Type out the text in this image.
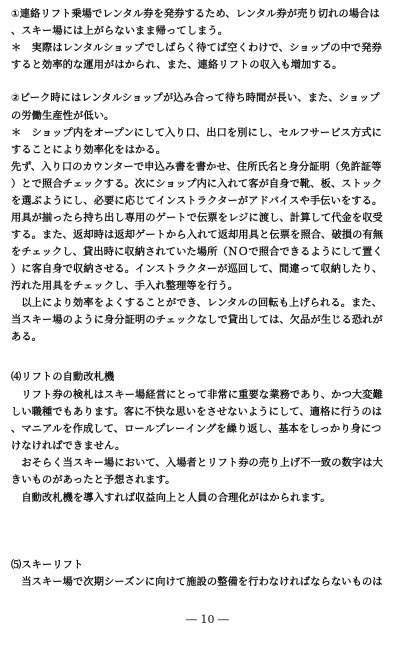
①連絡リフト乗場でレンタル券を発券するため、レンタル券が売り切れの場合は
、スキー場には上がらないまま帰ってしまう。
＊　実際はレンタルショップでしばらく待てば空くわけで、ショップの中で発券
すると効率的な運用がはかられ、また、連絡リフトの収入も増加する。
②ピーク時にはレンタルショップが込み合って待ち時間が長い、また、ショップ
の労働生産性が低い。
＊　ショップ内をオープンにして入り口、出口を別にし、セルフサービス方式に
することにより効率化をはかる。
先ず、入り口のカウンターで申込み書を書かせ、住所氏名と身分証明（免許証等
）とで照合チェックする。次にショップ内に入れて客が自身で靴、板、ストック
を選ぶようにし、必要に応じてインストラクターがアドバイスや手伝いをする。
用具が揃ったら持ち出し専用のゲートで伝票をレジに渡し、計算して代金を収受
する。また、返却時は返却ゲートから入れて返却用具と伝票を照合、破損の有無
をチェックし、貸出時に収納されていた場所（ＮＯで照合できるようにして置く
）に客自身で収納させる。インストラクターが巡回して、間違って収納したり、
汚れた用具をチェックし、手入れ整理等を行う。
　以上により効率をよくすることができ、レンタルの回転も上げられる。また、
当スキー場のように身分証明のチェックなしで貸出しては、欠品が生じる恐れが
ある。
⑷リフトの自動改札機
　リフト券の検札はスキー場経営にとって非常に重要な業務であり、かつ大変難
しい職種でもあります。客に不快な思いをさせないようにして、適格に行うのは
、マニアルを作成して、ロールプレーイングを繰り返し、基本をしっかり身につ
けなければできません。
　おそらく当スキー場において、入場者とリフト券の売り上げ不一致の数字は大
きいものがあったと予想されます。
　自動改札機を導入すれば収益向上と人員の合理化がはかられます。
⑸スキーリフト
　当スキー場で次期シーズンに向けて施設の整備を行わなければならないものは
― 10 ―
